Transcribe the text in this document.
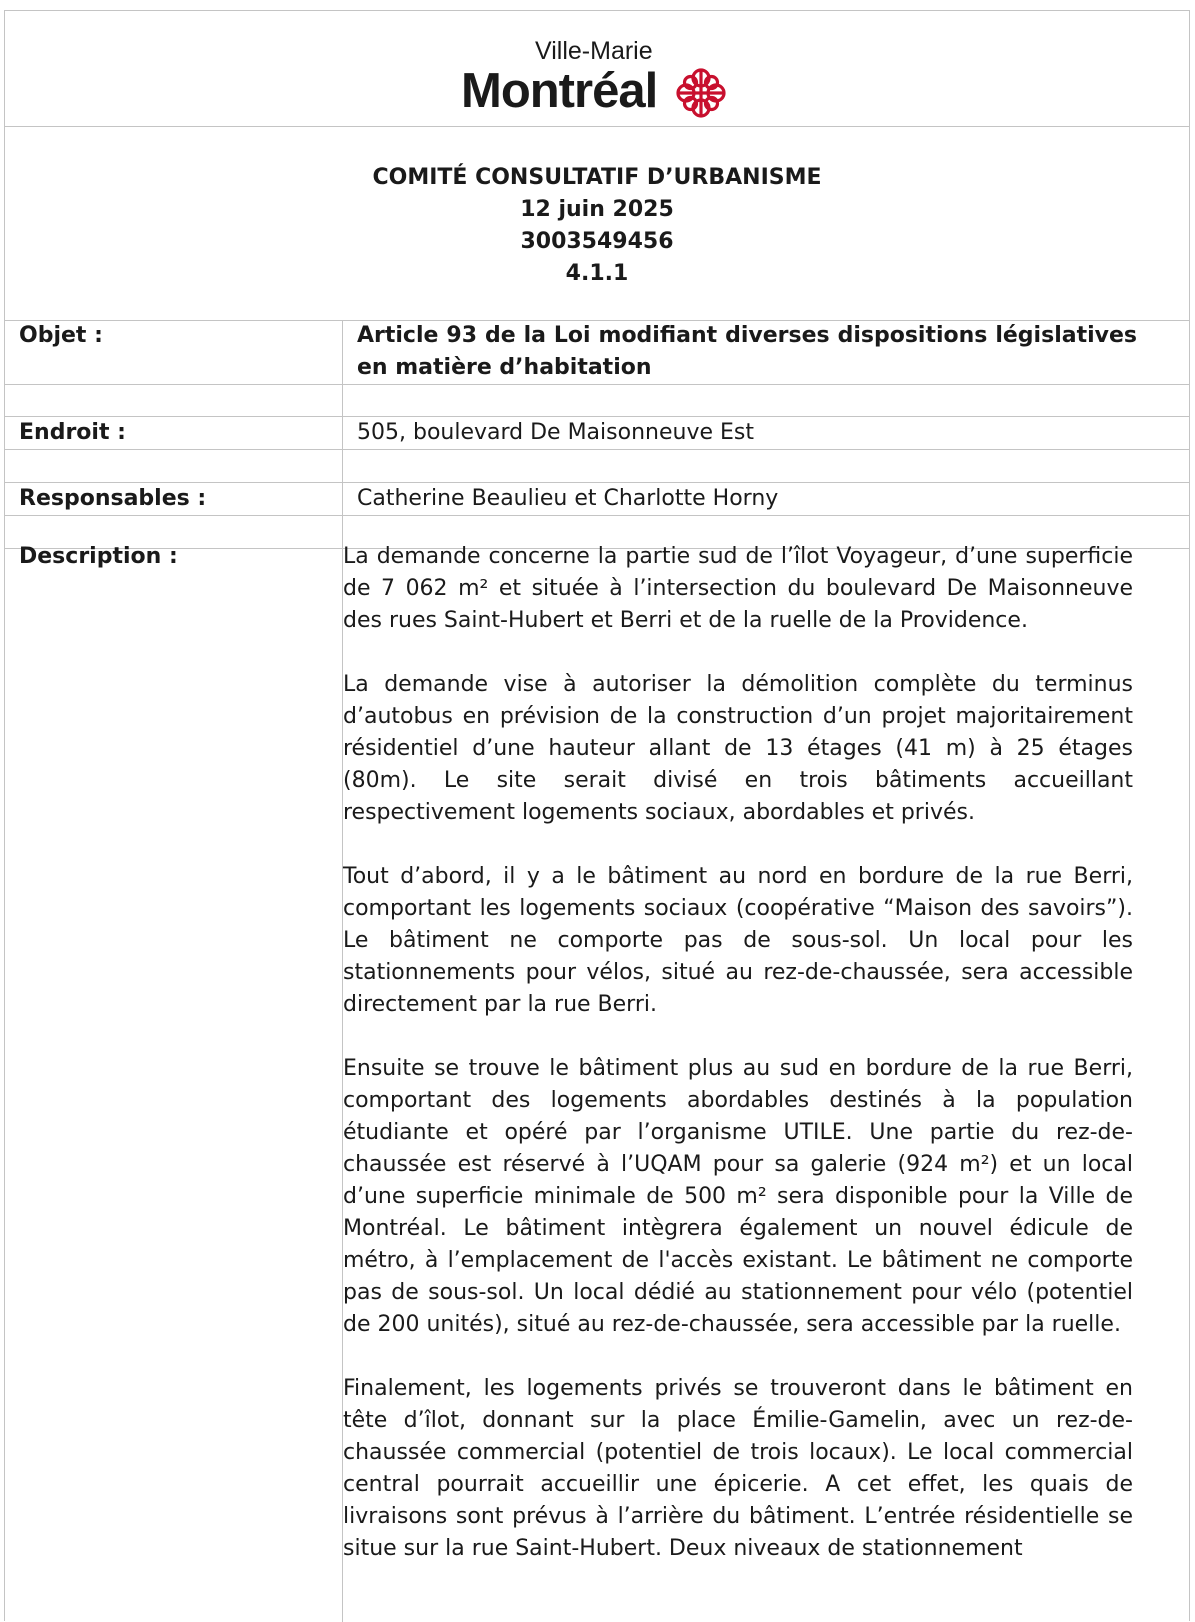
Ville-Marie
Montréal
COMITÉ CONSULTATIF D’URBANISME
12 juin 2025
3003549456
4.1.1
Objet :	Article 93 de la Loi modifiant diverses dispositions législatives en matière d’habitation
Endroit :	505, boulevard De Maisonneuve Est
Responsables :	Catherine Beaulieu et Charlotte Horny
Description :	La demande concerne la partie sud de l’îlot Voyageur, d’une superficie de 7 062 m² et située à l’intersection du boulevard De Maisonneuve des rues Saint-Hubert et Berri et de la ruelle de la Providence.

La demande vise à autoriser la démolition complète du terminus d’autobus en prévision de la construction d’un projet majoritairement résidentiel d’une hauteur allant de 13 étages (41 m) à 25 étages (80m). Le site serait divisé en trois bâtiments accueillant respectivement logements sociaux, abordables et privés.

Tout d’abord, il y a le bâtiment au nord en bordure de la rue Berri, comportant les logements sociaux (coopérative “Maison des savoirs”). Le bâtiment ne comporte pas de sous-sol. Un local pour les stationnements pour vélos, situé au rez-de-chaussée, sera accessible directement par la rue Berri.

Ensuite se trouve le bâtiment plus au sud en bordure de la rue Berri, comportant des logements abordables destinés à la population étudiante et opéré par l’organisme UTILE. Une partie du rez-de-chaussée est réservé à l’UQAM pour sa galerie (924 m²) et un local d’une superficie minimale de 500 m² sera disponible pour la Ville de Montréal. Le bâtiment intègrera également un nouvel édicule de métro, à l’emplacement de l'accès existant. Le bâtiment ne comporte pas de sous-sol. Un local dédié au stationnement pour vélo (potentiel de 200 unités), situé au rez-de-chaussée, sera accessible par la ruelle.

Finalement, les logements privés se trouveront dans le bâtiment en tête d’îlot, donnant sur la place Émilie-Gamelin, avec un rez-de-chaussée commercial (potentiel de trois locaux). Le local commercial central pourrait accueillir une épicerie. A cet effet, les quais de livraisons sont prévus à l’arrière du bâtiment. L’entrée résidentielle se situe sur la rue Saint-Hubert. Deux niveaux de stationnement
